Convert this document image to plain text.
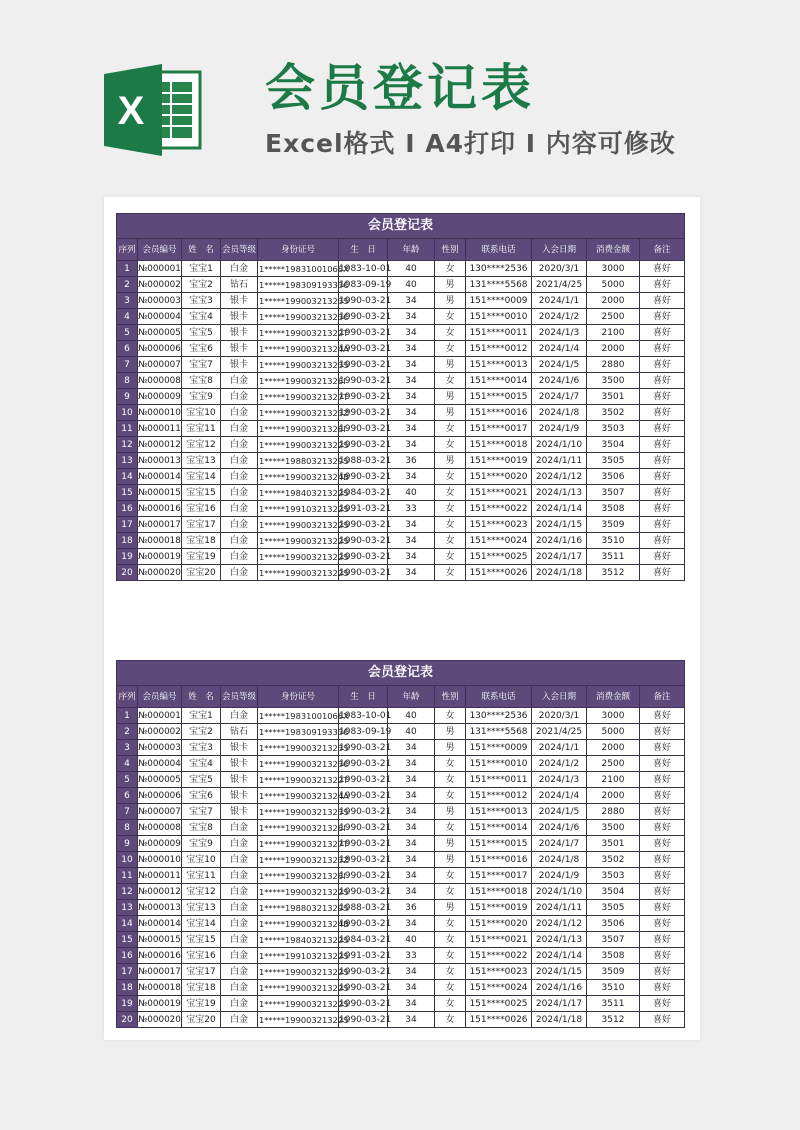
X 会员登记表
Excel格式 I A4打印 I 内容可修改
会员登记表											
序列	会员编号	姓　名	会员等级	身份证号	生　日	年龄	性别	联系电话	入会日期	消费金额	备注
1	№000001	宝宝1	白金	1*****19831001066X	1983-10-01	40	女	130****2536	2020/3/1	3000	喜好
2	№000002	宝宝2	钻石	1*****19830919333€	1983-09-19	40	男	131****5568	2021/4/25	5000	喜好
3	№000003	宝宝3	银卡	1*****19900321323S	1990-03-21	34	男	151****0009	2024/1/1	2000	喜好
4	№000004	宝宝4	银卡	1*****19900321323€	1990-03-21	34	女	151****0010	2024/1/2	2500	喜好
5	№000005	宝宝5	银卡	1*****19900321322T	1990-03-21	34	女	151****0011	2024/1/3	2100	喜好
6	№000006	宝宝6	银卡	1*****19900321324A	1990-03-21	34	女	151****0012	2024/1/4	2000	喜好
7	№000007	宝宝7	银卡	1*****19900321323S	1990-03-21	34	男	151****0013	2024/1/5	2880	喜好
8	№000008	宝宝8	白金	1*****19900321326I	1990-03-21	34	女	151****0014	2024/1/6	3500	喜好
9	№000009	宝宝9	白金	1*****19900321327T	1990-03-21	34	男	151****0015	2024/1/7	3501	喜好
10	№000010	宝宝10	白金	1*****19900321323Z	1990-03-21	34	男	151****0016	2024/1/8	3502	喜好
11	№000011	宝宝11	白金	1*****19900321328I	1990-03-21	34	女	151****0017	2024/1/9	3503	喜好
12	№000012	宝宝12	白金	1*****19900321322S	1990-03-21	34	女	151****0018	2024/1/10	3504	喜好
13	№000013	宝宝13	白金	1*****19880321329S	1988-03-21	36	男	151****0019	2024/1/11	3505	喜好
14	№000014	宝宝14	白金	1*****19900321324B	1990-03-21	34	女	151****0020	2024/1/12	3506	喜好
15	№000015	宝宝15	白金	1*****19840321322S	1984-03-21	40	女	151****0021	2024/1/13	3507	喜好
16	№000016	宝宝16	白金	1*****19910321322S	1991-03-21	33	女	151****0022	2024/1/14	3508	喜好
17	№000017	宝宝17	白金	1*****19900321322S	1990-03-21	34	女	151****0023	2024/1/15	3509	喜好
18	№000018	宝宝18	白金	1*****19900321322S	1990-03-21	34	女	151****0024	2024/1/16	3510	喜好
19	№000019	宝宝19	白金	1*****19900321322S	1990-03-21	34	女	151****0025	2024/1/17	3511	喜好
20	№000020	宝宝20	白金	1*****19900321322S	1990-03-21	34	女	151****0026	2024/1/18	3512	喜好
会员登记表											
序列	会员编号	姓　名	会员等级	身份证号	生　日	年龄	性别	联系电话	入会日期	消费金额	备注
1	№000001	宝宝1	白金	1*****19831001066X	1983-10-01	40	女	130****2536	2020/3/1	3000	喜好
2	№000002	宝宝2	钻石	1*****19830919333€	1983-09-19	40	男	131****5568	2021/4/25	5000	喜好
3	№000003	宝宝3	银卡	1*****19900321323S	1990-03-21	34	男	151****0009	2024/1/1	2000	喜好
4	№000004	宝宝4	银卡	1*****19900321323€	1990-03-21	34	女	151****0010	2024/1/2	2500	喜好
5	№000005	宝宝5	银卡	1*****19900321322T	1990-03-21	34	女	151****0011	2024/1/3	2100	喜好
6	№000006	宝宝6	银卡	1*****19900321324A	1990-03-21	34	女	151****0012	2024/1/4	2000	喜好
7	№000007	宝宝7	银卡	1*****19900321323S	1990-03-21	34	男	151****0013	2024/1/5	2880	喜好
8	№000008	宝宝8	白金	1*****19900321326I	1990-03-21	34	女	151****0014	2024/1/6	3500	喜好
9	№000009	宝宝9	白金	1*****19900321327T	1990-03-21	34	男	151****0015	2024/1/7	3501	喜好
10	№000010	宝宝10	白金	1*****19900321323Z	1990-03-21	34	男	151****0016	2024/1/8	3502	喜好
11	№000011	宝宝11	白金	1*****19900321328I	1990-03-21	34	女	151****0017	2024/1/9	3503	喜好
12	№000012	宝宝12	白金	1*****19900321322S	1990-03-21	34	女	151****0018	2024/1/10	3504	喜好
13	№000013	宝宝13	白金	1*****19880321329S	1988-03-21	36	男	151****0019	2024/1/11	3505	喜好
14	№000014	宝宝14	白金	1*****19900321324B	1990-03-21	34	女	151****0020	2024/1/12	3506	喜好
15	№000015	宝宝15	白金	1*****19840321322S	1984-03-21	40	女	151****0021	2024/1/13	3507	喜好
16	№000016	宝宝16	白金	1*****19910321322S	1991-03-21	33	女	151****0022	2024/1/14	3508	喜好
17	№000017	宝宝17	白金	1*****19900321322S	1990-03-21	34	女	151****0023	2024/1/15	3509	喜好
18	№000018	宝宝18	白金	1*****19900321322S	1990-03-21	34	女	151****0024	2024/1/16	3510	喜好
19	№000019	宝宝19	白金	1*****19900321322S	1990-03-21	34	女	151****0025	2024/1/17	3511	喜好
20	№000020	宝宝20	白金	1*****19900321322S	1990-03-21	34	女	151****0026	2024/1/18	3512	喜好
